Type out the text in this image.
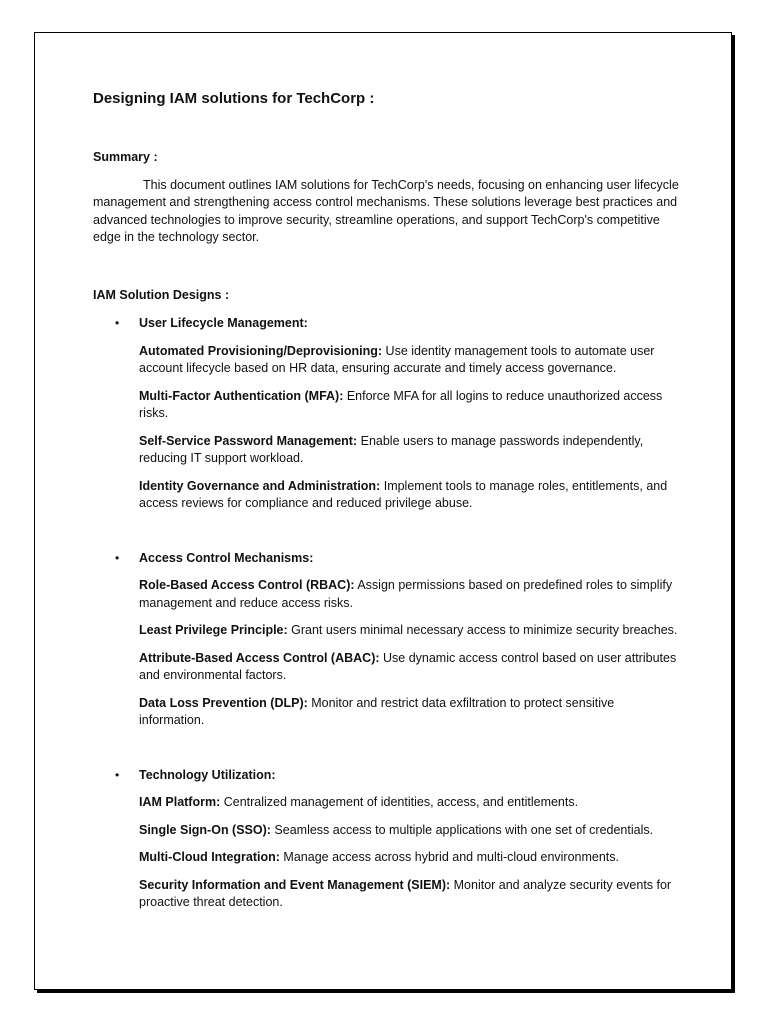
Designing IAM solutions for TechCorp :
Summary :

This document outlines IAM solutions for TechCorp's needs, focusing on enhancing user lifecycle management and strengthening access control mechanisms. These solutions leverage best practices and advanced technologies to improve security, streamline operations, and support TechCorp's competitive edge in the technology sector.

IAM Solution Designs :
• User Lifecycle Management:

Automated Provisioning/Deprovisioning: Use identity management tools to automate user account lifecycle based on HR data, ensuring accurate and timely access governance.
Multi-Factor Authentication (MFA): Enforce MFA for all logins to reduce unauthorized access risks.
Self-Service Password Management: Enable users to manage passwords independently, reducing IT support workload.
Identity Governance and Administration: Implement tools to manage roles, entitlements, and access reviews for compliance and reduced privilege abuse.
• Access Control Mechanisms:

Role-Based Access Control (RBAC): Assign permissions based on predefined roles to simplify management and reduce access risks.
Least Privilege Principle: Grant users minimal necessary access to minimize security breaches.
Attribute-Based Access Control (ABAC): Use dynamic access control based on user attributes and environmental factors.
Data Loss Prevention (DLP): Monitor and restrict data exfiltration to protect sensitive information.
• Technology Utilization:

IAM Platform: Centralized management of identities, access, and entitlements.
Single Sign-On (SSO): Seamless access to multiple applications with one set of credentials.
Multi-Cloud Integration: Manage access across hybrid and multi-cloud environments.
Security Information and Event Management (SIEM): Monitor and analyze security events for proactive threat detection.
